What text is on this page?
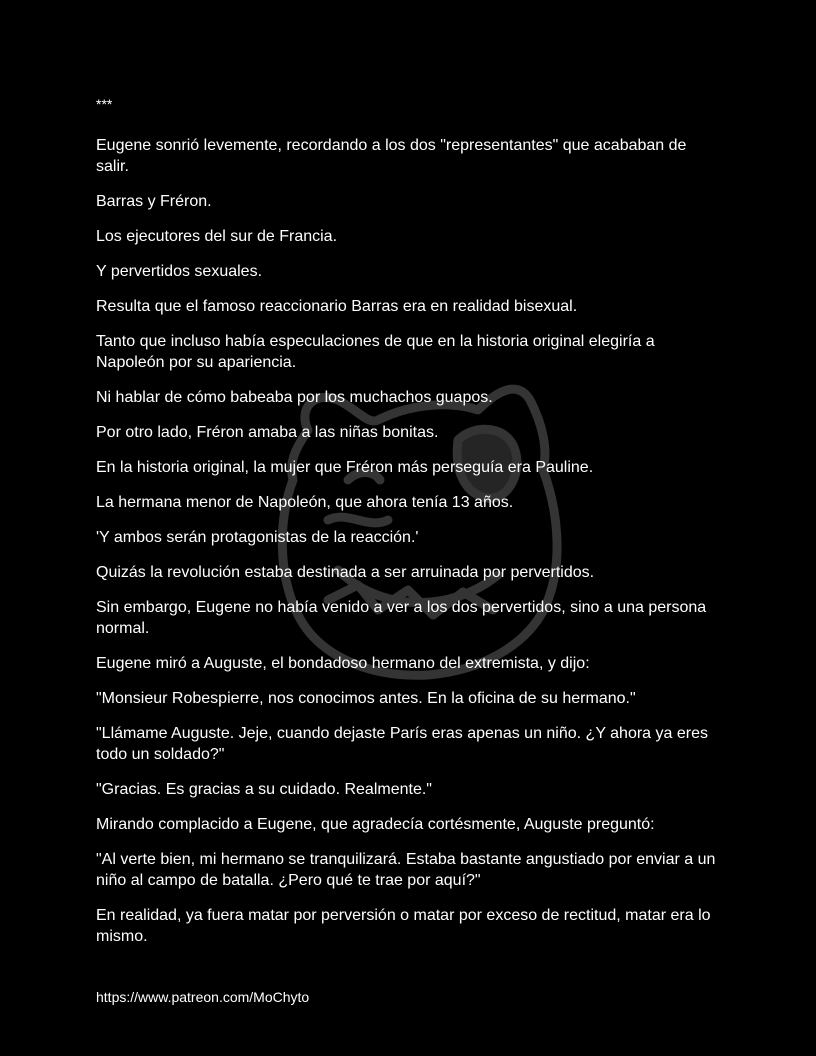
***

Eugene sonrió levemente, recordando a los dos "representantes" que acababan de salir.

Barras y Fréron.

Los ejecutores del sur de Francia.

Y pervertidos sexuales.

Resulta que el famoso reaccionario Barras era en realidad bisexual.

Tanto que incluso había especulaciones de que en la historia original elegiría a Napoleón por su apariencia.

Ni hablar de cómo babeaba por los muchachos guapos.

Por otro lado, Fréron amaba a las niñas bonitas.

En la historia original, la mujer que Fréron más perseguía era Pauline.

La hermana menor de Napoleón, que ahora tenía 13 años.

'Y ambos serán protagonistas de la reacción.'

Quizás la revolución estaba destinada a ser arruinada por pervertidos.

Sin embargo, Eugene no había venido a ver a los dos pervertidos, sino a una persona normal.

Eugene miró a Auguste, el bondadoso hermano del extremista, y dijo:

"Monsieur Robespierre, nos conocimos antes. En la oficina de su hermano."

"Llámame Auguste. Jeje, cuando dejaste París eras apenas un niño. ¿Y ahora ya eres todo un soldado?"

"Gracias. Es gracias a su cuidado. Realmente."

Mirando complacido a Eugene, que agradecía cortésmente, Auguste preguntó:

"Al verte bien, mi hermano se tranquilizará. Estaba bastante angustiado por enviar a un niño al campo de batalla. ¿Pero qué te trae por aquí?"

En realidad, ya fuera matar por perversión o matar por exceso de rectitud, matar era lo mismo.

https://www.patreon.com/MoChyto
